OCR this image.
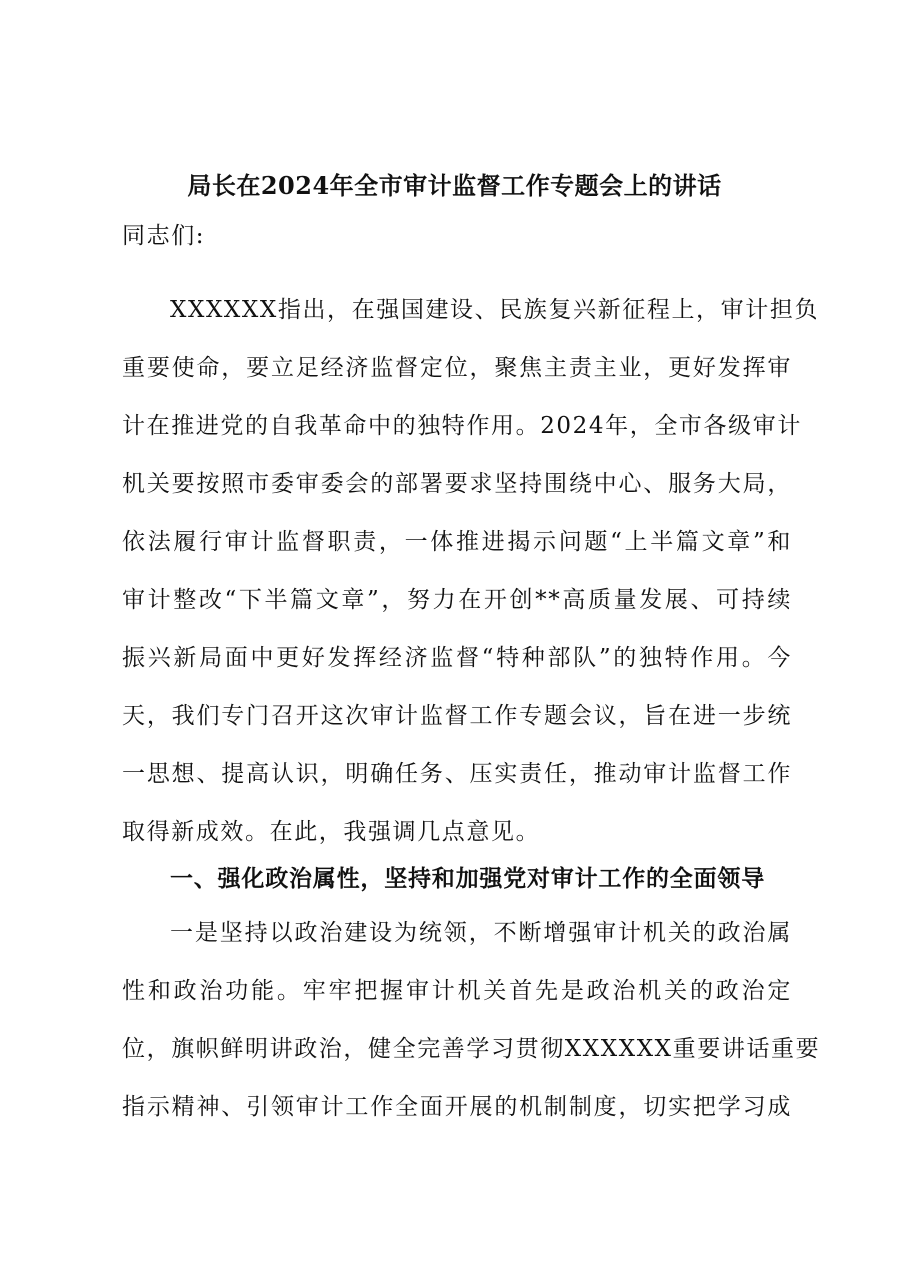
局长在2024年全市审计监督工作专题会上的讲话
同志们:
XXXXXX指出，在强国建设、民族复兴新征程上，审计担负
重要使命，要立足经济监督定位，聚焦主责主业，更好发挥审
计在推进党的自我革命中的独特作用。2024年，全市各级审计
机关要按照市委审委会的部署要求坚持围绕中心、服务大局，
依法履行审计监督职责，一体推进揭示问题“上半篇文章”和
审计整改“下半篇文章”，努力在开创**高质量发展、可持续
振兴新局面中更好发挥经济监督“特种部队”的独特作用。今
天，我们专门召开这次审计监督工作专题会议，旨在进一步统
一思想、提高认识，明确任务、压实责任，推动审计监督工作
取得新成效。在此，我强调几点意见。
一、强化政治属性，坚持和加强党对审计工作的全面领导
一是坚持以政治建设为统领，不断增强审计机关的政治属
性和政治功能。牢牢把握审计机关首先是政治机关的政治定
位，旗帜鲜明讲政治，健全完善学习贯彻XXXXXX重要讲话重要
指示精神、引领审计工作全面开展的机制制度，切实把学习成
